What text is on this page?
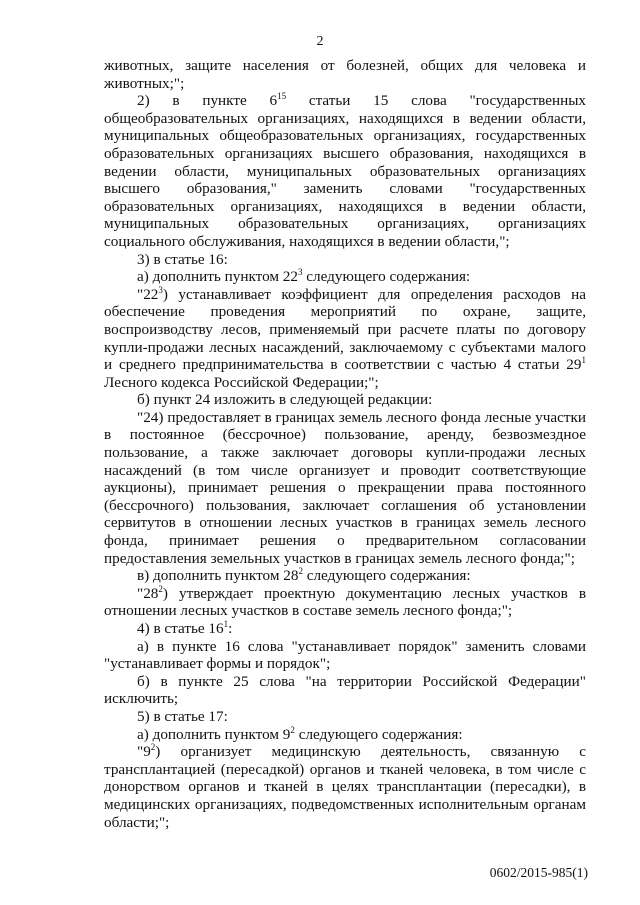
2

животных, защите населения от болезней, общих для человека и животных;";

2) в пункте $6^{15}$ статьи 15 слова "государственных общеобразовательных организациях, находящихся в ведении области, муниципальных общеобразовательных организациях, государственных образовательных организациях высшего образования, находящихся в ведении области, муниципальных образовательных организациях высшего образования," заменить словами "государственных образовательных организациях, находящихся в ведении области, муниципальных образовательных организациях, организациях социального обслуживания, находящихся в ведении области,";

3) в статье 16:

а) дополнить пунктом $22^3$ следующего содержания:

"$22^3$) устанавливает коэффициент для определения расходов на обеспечение проведения мероприятий по охране, защите, воспроизводству лесов, применяемый при расчете платы по договору купли-продажи лесных насаждений, заключаемому с субъектами малого и среднего предпринимательства в соответствии с частью 4 статьи $29^1$ Лесного кодекса Российской Федерации;";

б) пункт 24 изложить в следующей редакции:

"24) предоставляет в границах земель лесного фонда лесные участки в постоянное (бессрочное) пользование, аренду, безвозмездное пользование, а также заключает договоры купли-продажи лесных насаждений (в том числе организует и проводит соответствующие аукционы), принимает решения о прекращении права постоянного (бессрочного) пользования, заключает соглашения об установлении сервитутов в отношении лесных участков в границах земель лесного фонда, принимает решения о предварительном согласовании предоставления земельных участков в границах земель лесного фонда;";

в) дополнить пунктом $28^2$ следующего содержания:

"$28^2$) утверждает проектную документацию лесных участков в отношении лесных участков в составе земель лесного фонда;";

4) в статье $16^1$:

а) в пункте 16 слова "устанавливает порядок" заменить словами "устанавливает формы и порядок";

б) в пункте 25 слова "на территории Российской Федерации" исключить;

5) в статье 17:

а) дополнить пунктом $9^2$ следующего содержания:

"$9^2$) организует медицинскую деятельность, связанную с трансплантацией (пересадкой) органов и тканей человека, в том числе с донорством органов и тканей в целях трансплантации (пересадки), в медицинских организациях, подведомственных исполнительным органам области;";

0602/2015-985(1)
